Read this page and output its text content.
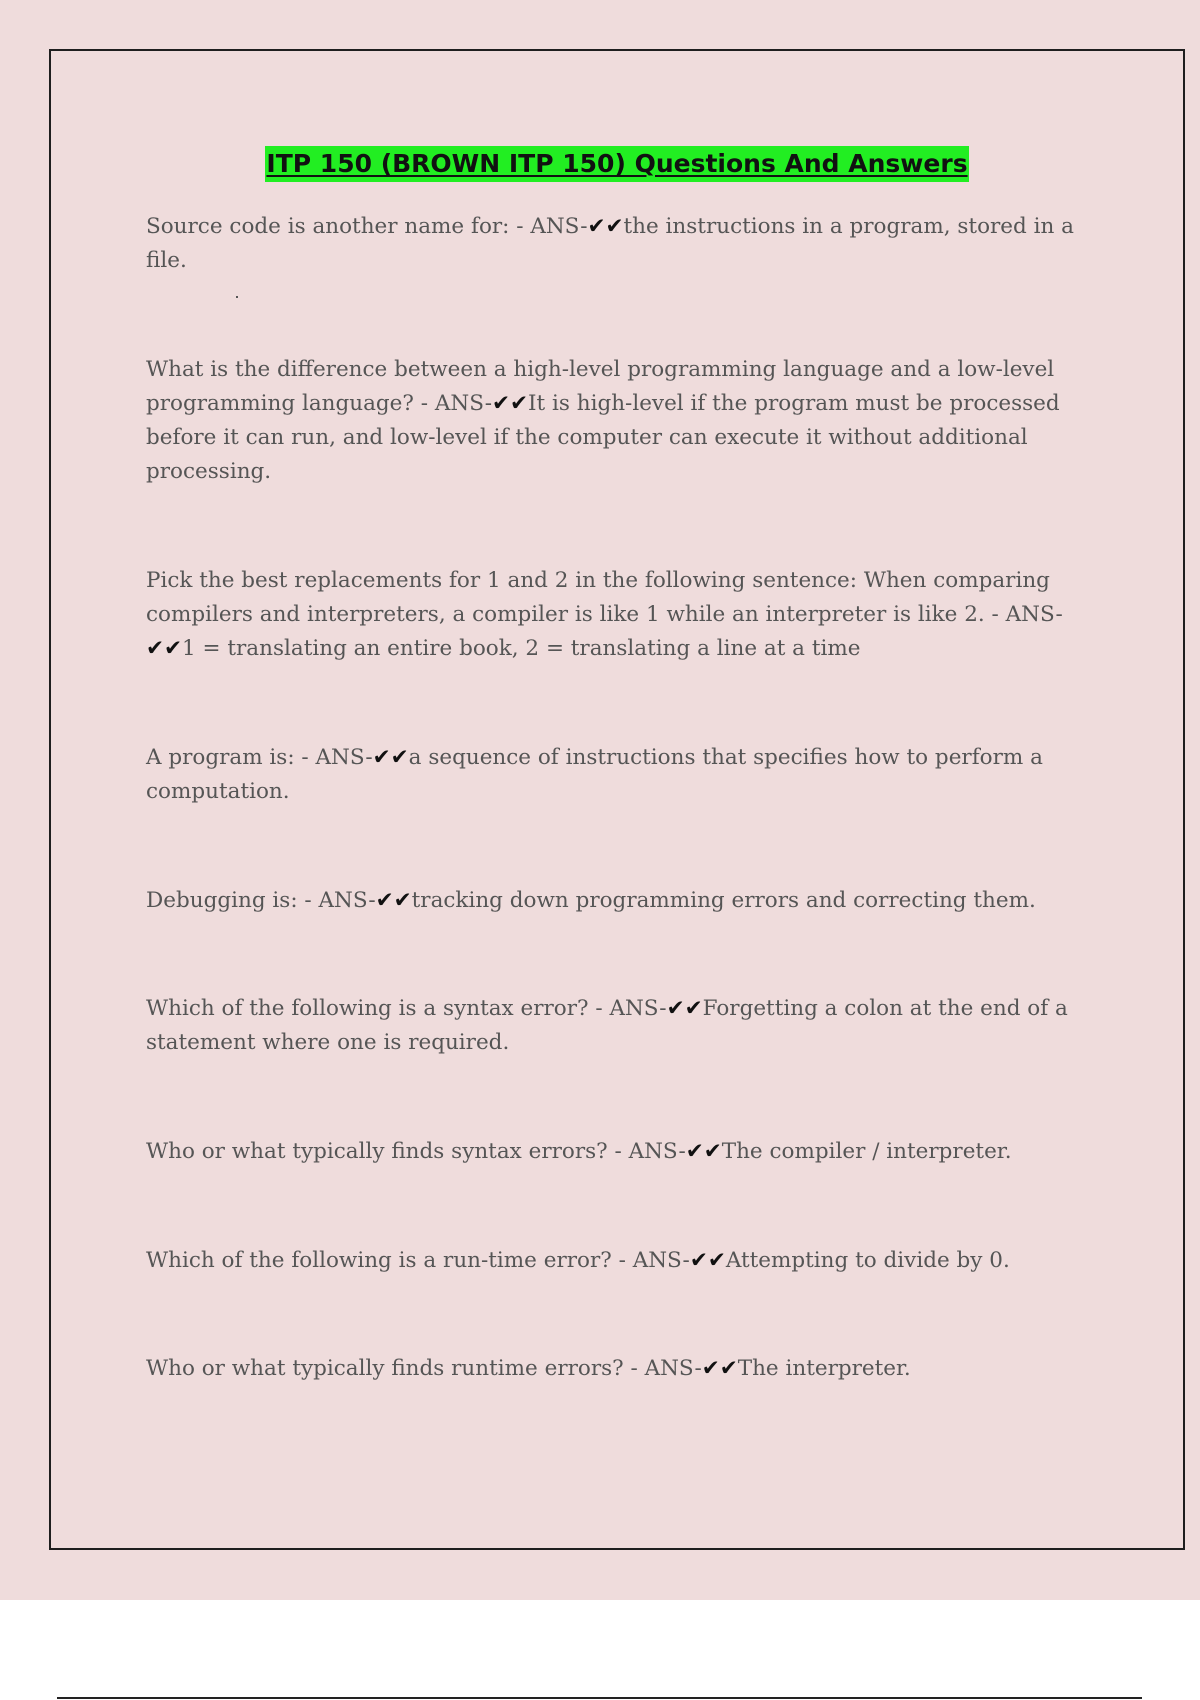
ITP 150 (BROWN ITP 150) Questions And Answers

Source code is another name for: - ANS-✔✔the instructions in a program, stored in a file.

What is the difference between a high-level programming language and a low-level programming language? - ANS-✔✔It is high-level if the program must be processed before it can run, and low-level if the computer can execute it without additional processing.

Pick the best replacements for 1 and 2 in the following sentence: When comparing compilers and interpreters, a compiler is like 1 while an interpreter is like 2. - ANS-✔✔1 = translating an entire book, 2 = translating a line at a time

A program is: - ANS-✔✔a sequence of instructions that specifies how to perform a computation.

Debugging is: - ANS-✔✔tracking down programming errors and correcting them.

Which of the following is a syntax error? - ANS-✔✔Forgetting a colon at the end of a statement where one is required.

Who or what typically finds syntax errors? - ANS-✔✔The compiler / interpreter.

Which of the following is a run-time error? - ANS-✔✔Attempting to divide by 0.

Who or what typically finds runtime errors? - ANS-✔✔The interpreter.
